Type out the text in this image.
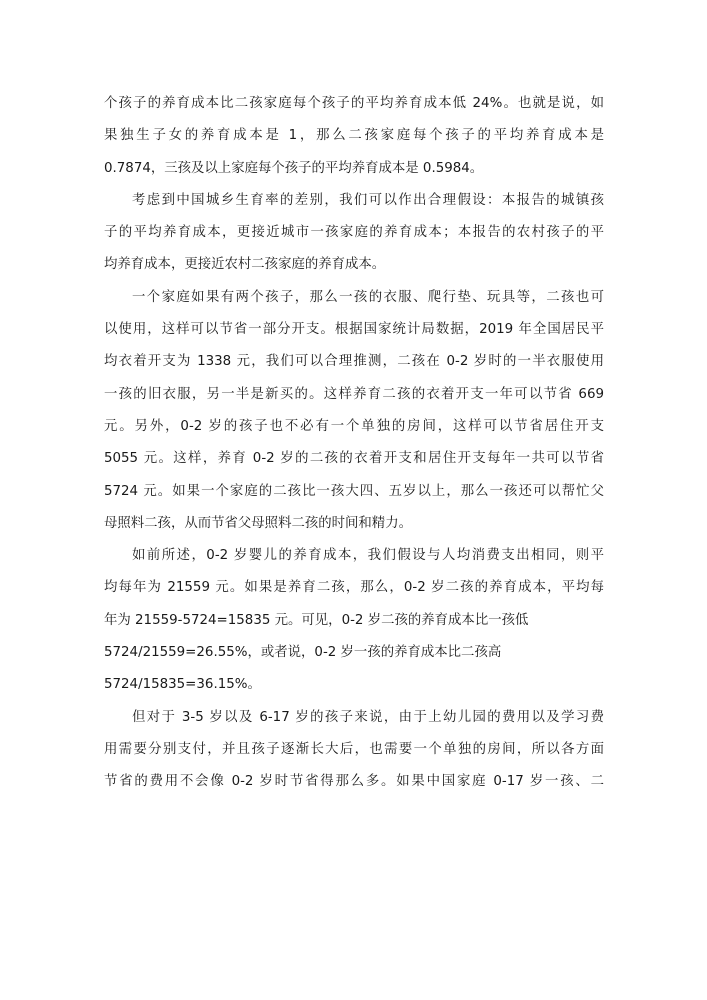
个孩子的养育成本比二孩家庭每个孩子的平均养育成本低 24%。也就是说，如
果独生子女的养育成本是 1，那么二孩家庭每个孩子的平均养育成本是
0.7874，三孩及以上家庭每个孩子的平均养育成本是 0.5984。

考虑到中国城乡生育率的差别，我们可以作出合理假设：本报告的城镇孩
子的平均养育成本，更接近城市一孩家庭的养育成本；本报告的农村孩子的平
均养育成本，更接近农村二孩家庭的养育成本。

一个家庭如果有两个孩子，那么一孩的衣服、爬行垫、玩具等，二孩也可
以使用，这样可以节省一部分开支。根据国家统计局数据，2019 年全国居民平
均衣着开支为 1338 元，我们可以合理推测，二孩在 0-2 岁时的一半衣服使用
一孩的旧衣服，另一半是新买的。这样养育二孩的衣着开支一年可以节省 669
元。另外，0-2 岁的孩子也不必有一个单独的房间，这样可以节省居住开支
5055 元。这样，养育 0-2 岁的二孩的衣着开支和居住开支每年一共可以节省
5724 元。如果一个家庭的二孩比一孩大四、五岁以上，那么一孩还可以帮忙父
母照料二孩，从而节省父母照料二孩的时间和精力。

如前所述，0-2 岁婴儿的养育成本，我们假设与人均消费支出相同，则平
均每年为 21559 元。如果是养育二孩，那么，0-2 岁二孩的养育成本，平均每
年为 21559-5724=15835 元。可见，0-2 岁二孩的养育成本比一孩低
5724/21559=26.55%，或者说，0-2 岁一孩的养育成本比二孩高
5724/15835=36.15%。

但对于 3-5 岁以及 6-17 岁的孩子来说，由于上幼儿园的费用以及学习费
用需要分别支付，并且孩子逐渐长大后，也需要一个单独的房间，所以各方面
节省的费用不会像 0-2 岁时节省得那么多。如果中国家庭 0-17 岁一孩、二
